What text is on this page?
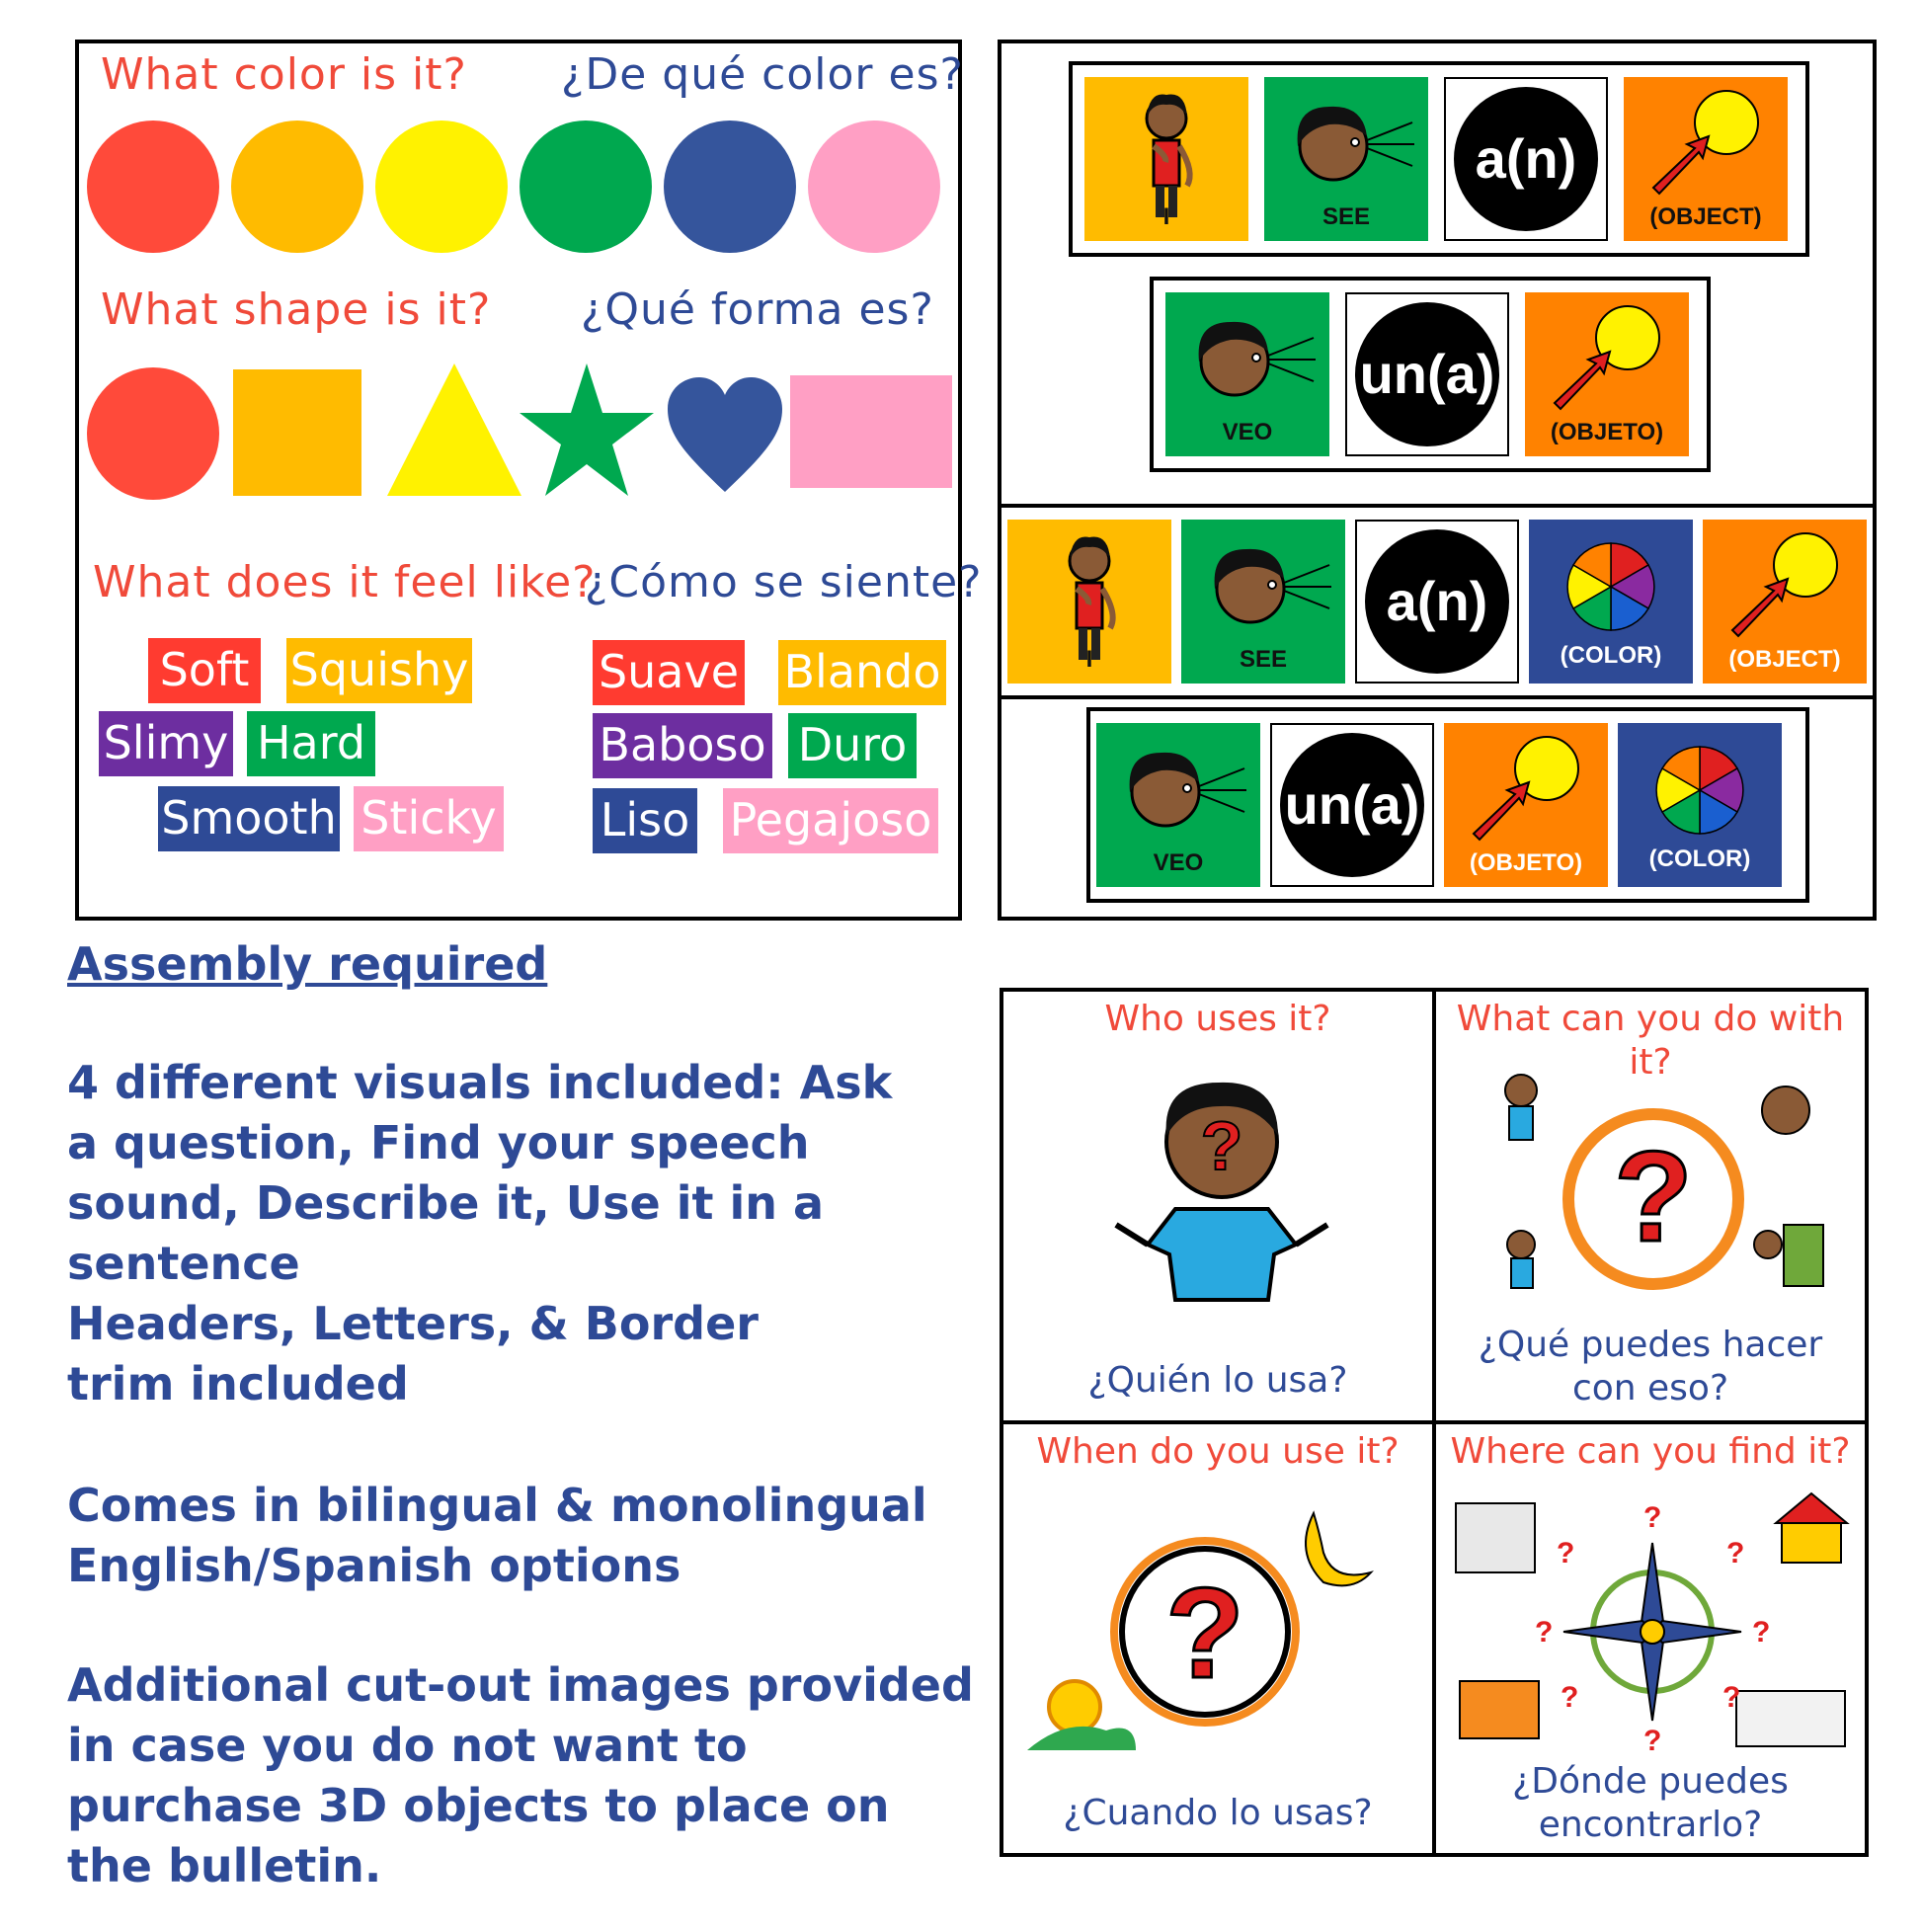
What color is it? ¿De qué color es?
What shape is it? ¿Qué forma es?
What does it feel like?
¿Cómo se siente?
Soft Squishy
Slimy Hard
Smooth Sticky
Suave Blando
Baboso Duro
Liso Pegajoso
I	SEE
a(n)
(OBJECT)
VEO
un(a)
(OBJETO)
I	SEE
a(n)
(COLOR)	(OBJECT)
VEO
un(a)
(OBJETO)	(COLOR)
Assembly required
4 different visuals included: Ask a question, Find your speech sound, Describe it, Use it in a sentence
Headers, Letters, & Border trim included
Comes in bilingual & monolingual English/Spanish options
Additional cut-out images provided in case you do not want to purchase 3D objects to place on the bulletin.
Who uses it?
?
¿Quién lo usa?
What can you do with it?
?
¿Qué puedes hacer con eso?
When do you use it?
?
¿Cuando lo usas?
Where can you find it?
?	?
?
?	?
?	?
?
¿Dónde puedes encontrarlo?
